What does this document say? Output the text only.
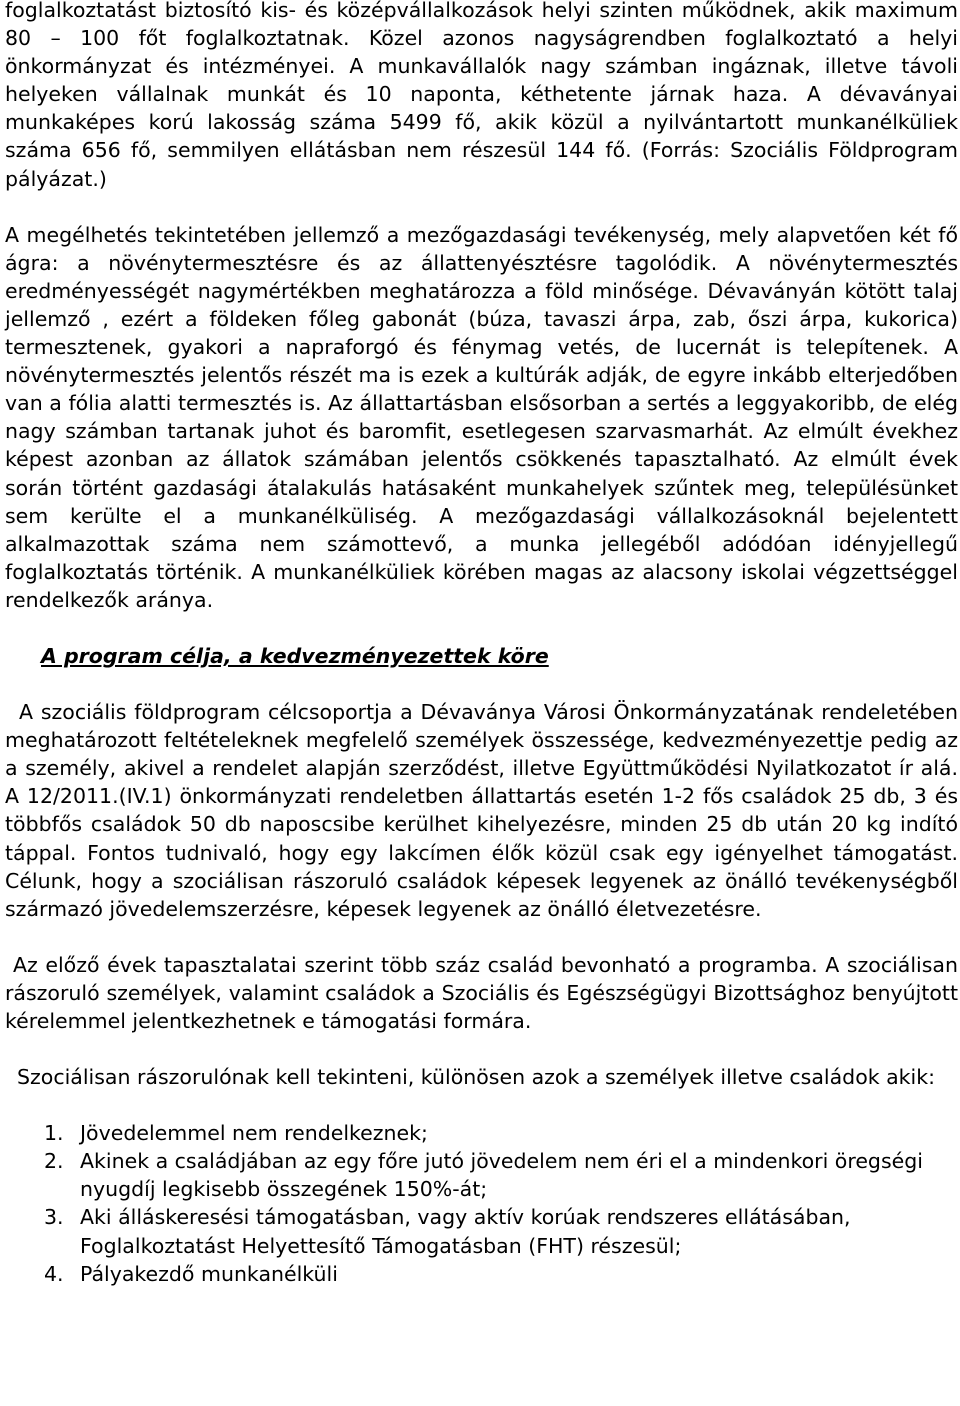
foglalkoztatást biztosító kis- és középvállalkozások helyi szinten működnek, akik maximum 80 – 100 főt foglalkoztatnak. Közel azonos nagyságrendben foglalkoztató a helyi önkormányzat és intézményei. A munkavállalók nagy számban ingáznak, illetve távoli helyeken vállalnak munkát és 10 naponta, kéthetente járnak haza. A dévaványai munkaképes korú lakosság száma 5499 fő, akik közül a nyilvántartott munkanélküliek száma 656 fő, semmilyen ellátásban nem részesül 144 fő. (Forrás: Szociális Földprogram pályázat.)

A megélhetés tekintetében jellemző a mezőgazdasági tevékenység, mely alapvetően két fő ágra: a növénytermesztésre és az állattenyésztésre tagolódik. A növénytermesztés eredményességét nagymértékben meghatározza a föld minősége. Dévaványán kötött talaj jellemző , ezért a földeken főleg gabonát (búza, tavaszi árpa, zab, őszi árpa, kukorica) termesztenek, gyakori a napraforgó és fénymag vetés, de lucernát is telepítenek. A növénytermesztés jelentős részét ma is ezek a kultúrák adják, de egyre inkább elterjedőben van a fólia alatti termesztés is. Az állattartásban elsősorban a sertés a leggyakoribb, de elég nagy számban tartanak juhot és baromfit, esetlegesen szarvasmarhát. Az elmúlt évekhez képest azonban az állatok számában jelentős csökkenés tapasztalható. Az elmúlt évek során történt gazdasági átalakulás hatásaként munkahelyek szűntek meg, településünket sem kerülte el a munkanélküliség. A mezőgazdasági vállalkozásoknál bejelentett alkalmazottak száma nem számottevő, a munka jellegéből adódóan idényjellegű foglalkoztatás történik. A munkanélküliek körében magas az alacsony iskolai végzettséggel rendelkezők aránya.

A program célja, a kedvezményezettek köre

A szociális földprogram célcsoportja a Dévaványa Városi Önkormányzatának rendeletében meghatározott feltételeknek megfelelő személyek összessége, kedvezményezettje pedig az a személy, akivel a rendelet alapján szerződést, illetve Együttműködési Nyilatkozatot ír alá. A 12/2011.(IV.1) önkormányzati rendeletben állattartás esetén 1-2 fős családok 25 db, 3 és többfős családok 50 db naposcsibe kerülhet kihelyezésre, minden 25 db után 20 kg indító táppal. Fontos tudnivaló, hogy egy lakcímen élők közül csak egy igényelhet támogatást. Célunk, hogy a szociálisan rászoruló családok képesek legyenek az önálló tevékenységből származó jövedelemszerzésre, képesek legyenek az önálló életvezetésre.

Az előző évek tapasztalatai szerint több száz család bevonható a programba. A szociálisan rászoruló személyek, valamint családok a Szociális és Egészségügyi Bizottsághoz benyújtott kérelemmel jelentkezhetnek e támogatási formára.

Szociálisan rászorulónak kell tekinteni, különösen azok a személyek illetve családok akik:

1. Jövedelemmel nem rendelkeznek;
2. Akinek a családjában az egy főre jutó jövedelem nem éri el a mindenkori öregségi nyugdíj legkisebb összegének 150%-át;
3. Aki álláskeresési támogatásban, vagy aktív korúak rendszeres ellátásában, Foglalkoztatást Helyettesítő Támogatásban (FHT) részesül;
4. Pályakezdő munkanélküli
